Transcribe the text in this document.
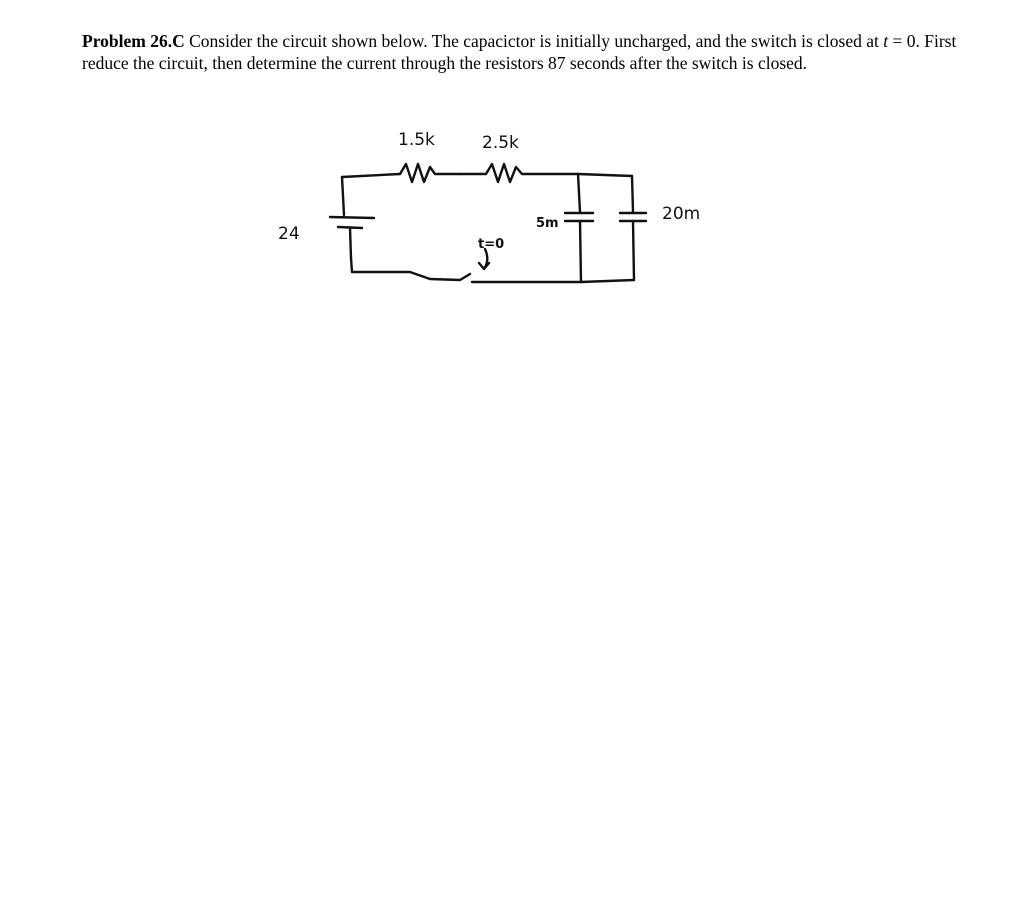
Problem 26.C Consider the circuit shown below. The capacictor is initially uncharged, and the switch is closed at t = 0. First reduce the circuit, then determine the current through the resistors 87 seconds after the switch is closed.
24
1.5k	2.5k
5m	20m
t=0
